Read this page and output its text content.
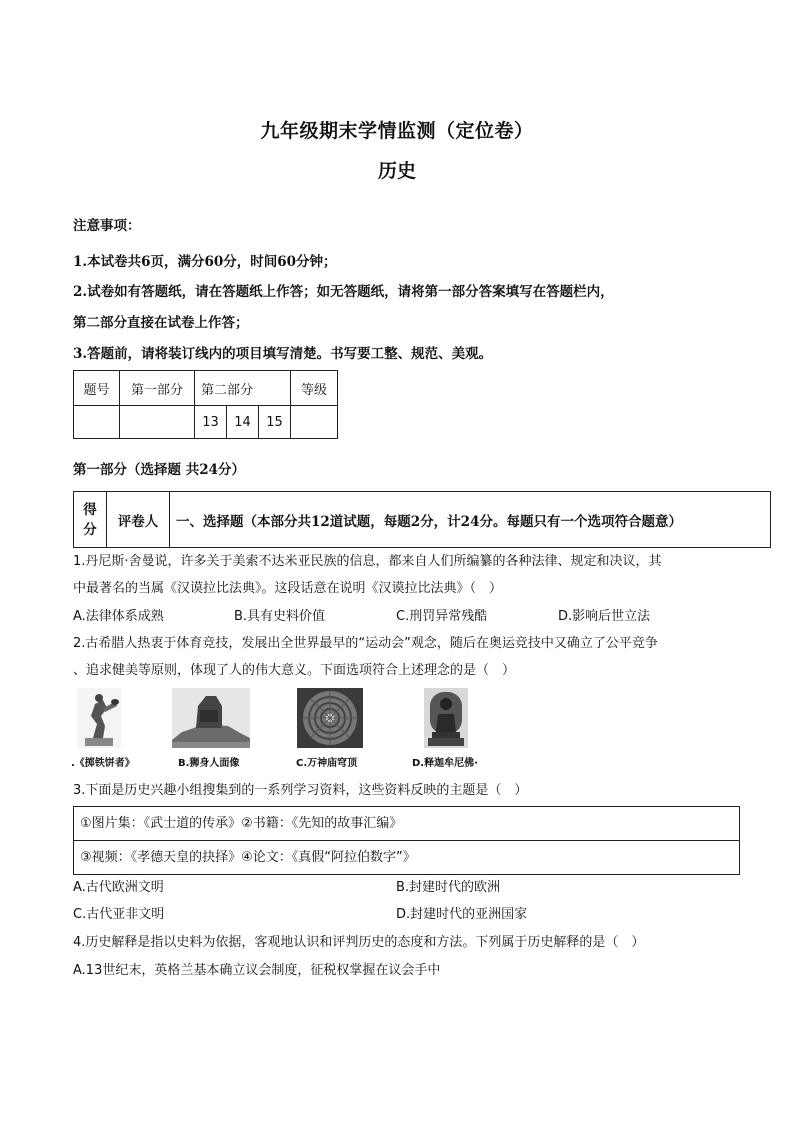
九年级期末学情监测（定位卷）
历史
注意事项：
1.本试卷共6页，满分60分，时间60分钟；
2.试卷如有答题纸，请在答题纸上作答；如无答题纸，请将第一部分答案填写在答题栏内，
第二部分直接在试卷上作答；
3.答题前，请将装订线内的项目填写清楚。书写要工整、规范、美观。
题号	第一部分	第二部分			等级
		13	14	15	
第一部分（选择题 共24分）
得
分	评卷人	一、选择题（本部分共12道试题，每题2分，计24分。每题只有一个选项符合题意）
1.丹尼斯·舍曼说，许多关于美索不达米亚民族的信息，都来自人们所编纂的各种法律、规定和决议，其
中最著名的当属《汉谟拉比法典》。这段话意在说明《汉谟拉比法典》（　）
A.法律体系成熟	B.具有史料价值	C.刑罚异常残酷	D.影响后世立法
2.古希腊人热衷于体育竞技，发展出全世界最早的“运动会”观念，随后在奥运竞技中又确立了公平竞争
、追求健美等原则，体现了人的伟大意义。下面选项符合上述理念的是（　）
.《掷铁饼者》	B.狮身人面像	C.万神庙穹顶	D.释迦牟尼佛·
3.下面是历史兴趣小组搜集到的一系列学习资料，这些资料反映的主题是（　）
①图片集：《武士道的传承》②书籍：《先知的故事汇编》
③视频：《孝德天皇的抉择》④论文：《真假“阿拉伯数字”》
A.古代欧洲文明	B.封建时代的欧洲
C.古代亚非文明	D.封建时代的亚洲国家
4.历史解释是指以史料为依据，客观地认识和评判历史的态度和方法。下列属于历史解释的是（　）
A.13世纪末，英格兰基本确立议会制度，征税权掌握在议会手中
